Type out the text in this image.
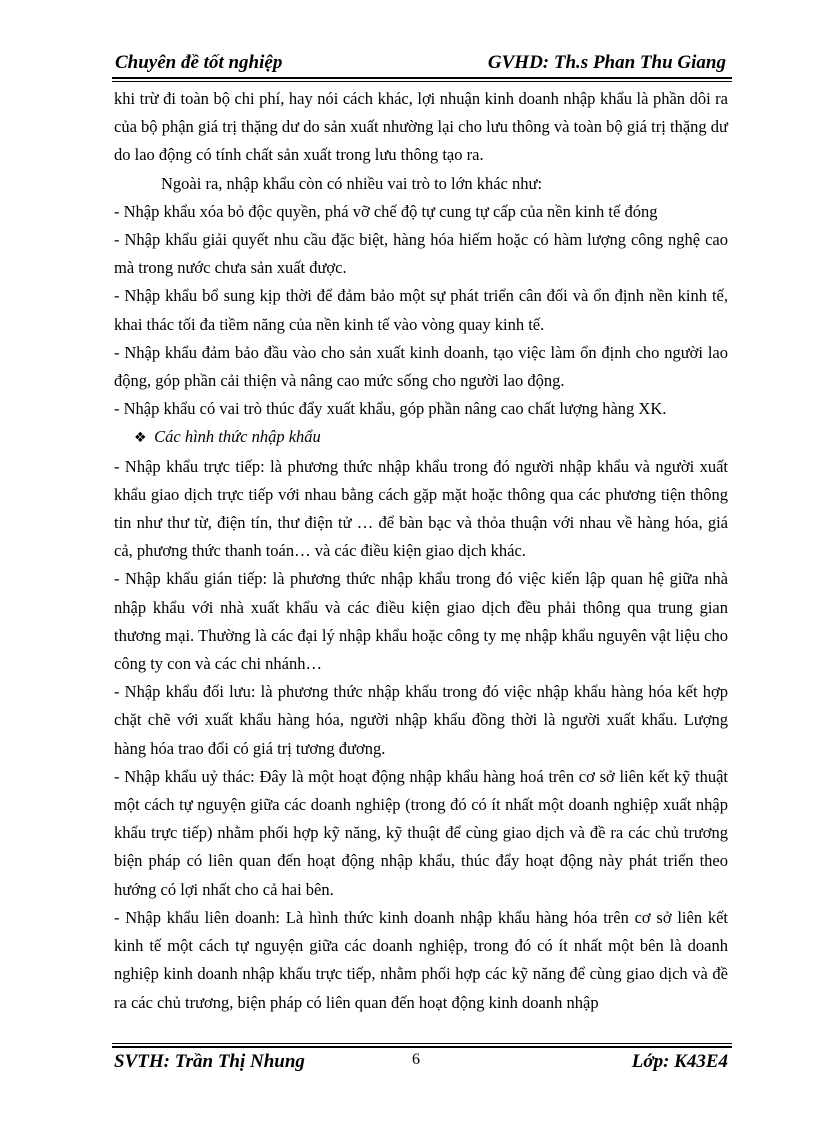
Chuyên đề tốt nghiệp	GVHD: Th.s Phan Thu Giang

khi trừ đi toàn bộ chi phí, hay nói cách khác, lợi nhuận kinh doanh nhập khẩu là phần dôi ra của bộ phận giá trị thặng dư do sản xuất nhường lại cho lưu thông và toàn bộ giá trị thặng dư do lao động có tính chất sản xuất trong lưu thông tạo ra.

Ngoài ra, nhập khẩu còn có nhiều vai trò to lớn khác như:

- Nhập khẩu xóa bỏ độc quyền, phá vỡ chế độ tự cung tự cấp của nền kinh tế đóng

- Nhập khẩu giải quyết nhu cầu đặc biệt, hàng hóa hiếm hoặc có hàm lượng công nghệ cao mà trong nước chưa sản xuất được.

- Nhập khẩu bổ sung kịp thời để đảm bảo một sự phát triển cân đối và ổn định nền kinh tế, khai thác tối đa tiềm năng của nền kinh tế vào vòng quay kinh tế.

- Nhập khẩu đảm bảo đầu vào cho sản xuất kinh doanh, tạo việc làm ổn định cho người lao động, góp phần cải thiện và nâng cao mức sống cho người lao động.

- Nhập khẩu có vai trò thúc đẩy xuất khẩu, góp phần nâng cao chất lượng hàng XK.

❖ Các hình thức nhập khẩu

- Nhập khẩu trực tiếp: là phương thức nhập khẩu trong đó người nhập khẩu và người xuất khẩu giao dịch trực tiếp với nhau bằng cách gặp mặt hoặc thông qua các phương tiện thông tin như thư từ, điện tín, thư điện tử … để bàn bạc và thỏa thuận với nhau về hàng hóa, giá cả, phương thức thanh toán… và các điều kiện giao dịch khác.

- Nhập khẩu gián tiếp: là phương thức nhập khẩu trong đó việc kiến lập quan hệ giữa nhà nhập khẩu với nhà xuất khẩu và các điều kiện giao dịch đều phải thông qua trung gian thương mại. Thường là các đại lý nhập khẩu hoặc công ty mẹ nhập khẩu nguyên vật liệu cho công ty con và các chi nhánh…

- Nhập khẩu đối lưu: là phương thức nhập khẩu trong đó việc nhập khẩu hàng hóa kết hợp chặt chẽ với xuất khẩu hàng hóa, người nhập khẩu đồng thời là người xuất khẩu. Lượng hàng hóa trao đổi có giá trị tương đương.

- Nhập khẩu uỷ thác: Đây là một hoạt động nhập khẩu hàng hoá trên cơ sở liên kết kỹ thuật một cách tự nguyện giữa các doanh nghiệp (trong đó có ít nhất một doanh nghiệp xuất nhập khẩu trực tiếp) nhằm phối hợp kỹ năng, kỹ thuật để cùng giao dịch và đề ra các chủ trương biện pháp có liên quan đến hoạt động nhập khẩu, thúc đẩy hoạt động này phát triển theo hướng có lợi nhất cho cả hai bên.

- Nhập khẩu liên doanh: Là hình thức kinh doanh nhập khẩu hàng hóa trên cơ sở liên kết kinh tế một cách tự nguyện giữa các doanh nghiệp, trong đó có ít nhất một bên là doanh nghiệp kinh doanh nhập khẩu trực tiếp, nhằm phối hợp các kỹ năng để cùng giao dịch và đề ra các chủ trương, biện pháp có liên quan đến hoạt động kinh doanh nhập

SVTH: Trần Thị Nhung	6	Lớp: K43E4
